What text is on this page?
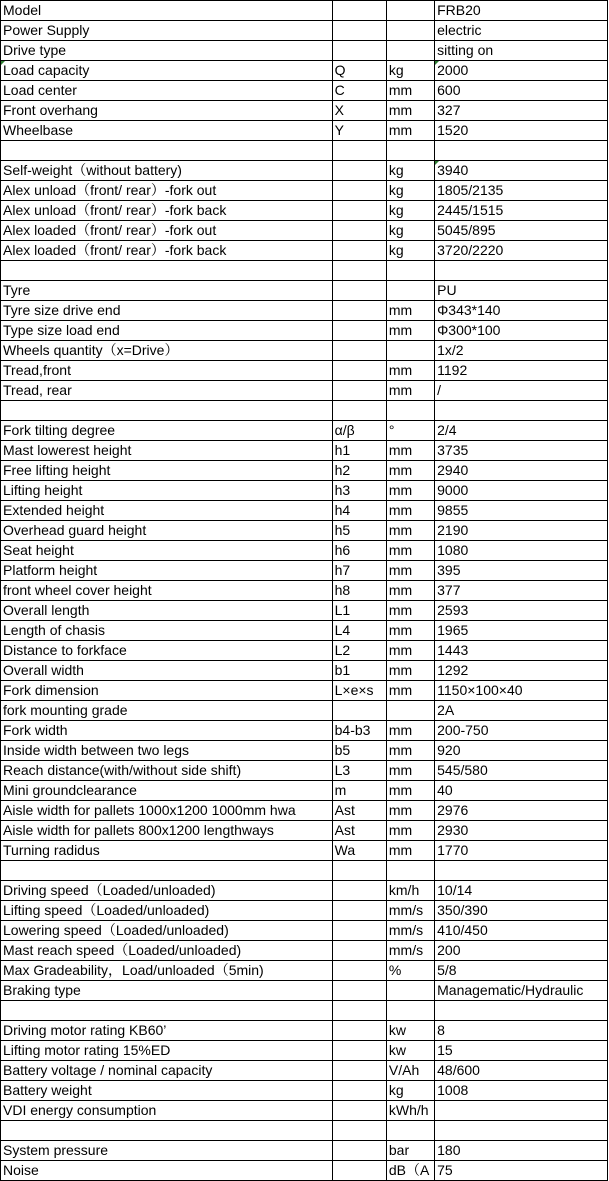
Model			FRB20
Power Supply			electric
Drive type			sitting on
Load capacity	Q	kg	2000
Load center	C	mm	600
Front overhang	X	mm	327
Wheelbase	Y	mm	1520

Self-weight（without battery)		kg	3940
Alex unload（front/ rear）-fork out		kg	1805/2135
Alex unload（front/ rear）-fork back		kg	2445/1515
Alex loaded（front/ rear）-fork out		kg	5045/895
Alex loaded（front/ rear）-fork back		kg	3720/2220

Tyre			PU
Tyre size drive end		mm	Φ343*140
Type size load end		mm	Φ300*100
Wheels quantity（x=Drive）			1x/2
Tread,front		mm	1192
Tread, rear		mm	/

Fork tilting degree	α/β	°	2/4
Mast lowerest height	h1	mm	3735
Free lifting height	h2	mm	2940
Lifting height	h3	mm	9000
Extended height	h4	mm	9855
Overhead guard height	h5	mm	2190
Seat height	h6	mm	1080
Platform height	h7	mm	395
front wheel cover height	h8	mm	377
Overall length	L1	mm	2593
Length of chasis	L4	mm	1965
Distance to forkface	L2	mm	1443
Overall width	b1	mm	1292
Fork dimension	L×e×s	mm	1150×100×40
fork mounting grade			2A
Fork width	b4-b3	mm	200-750
Inside width between two legs	b5	mm	920
Reach distance(with/without side shift)	L3	mm	545/580
Mini groundclearance	m	mm	40
Aisle width for pallets 1000x1200 1000mm hwa	Ast	mm	2976
Aisle width for pallets 800x1200 lengthways	Ast	mm	2930
Turning radidus	Wa	mm	1770

Driving speed（Loaded/unloaded)		km/h	10/14
Lifting speed（Loaded/unloaded)		mm/s	350/390
Lowering speed（Loaded/unloaded)		mm/s	410/450
Mast reach speed（Loaded/unloaded)		mm/s	200
Max Gradeability，Load/unloaded（5min)		%	5/8
Braking type			Managematic/Hydraulic

Driving motor rating KB60’		kw	8
Lifting motor rating 15%ED		kw	15
Battery voltage / nominal capacity		V/Ah	48/600
Battery weight		kg	1008
VDI energy consumption		kWh/h	

System pressure		bar	180
Noise		dB（A	75
